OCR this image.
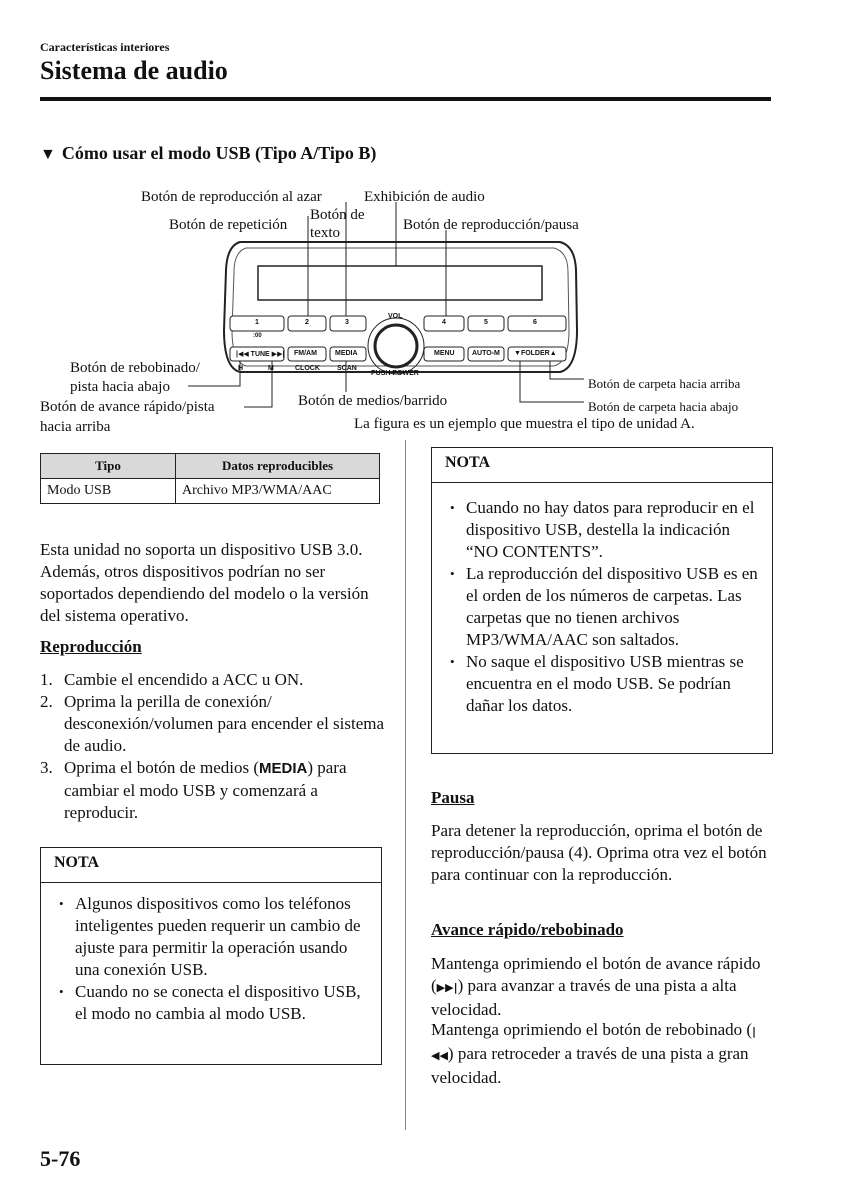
Características interiores
Sistema de audio
▼ Cómo usar el modo USB (Tipo A/Tipo B)
1
:00
2	3	4	5	6
VOL
|◀◀ TUNE ▶▶| FM/AM	MEDIA	MENU AUTO-M ▼FOLDER▲
H	M	CLOCK SCAN
PUSH POWER
Botón de reproducción al azar	Exhibición de audio
Botón de repetición
Botón de
texto	Botón de reproducción/pausa
Botón de rebobinado/
pista hacia abajo
Botón de avance rápido/pista
hacia arriba
Botón de medios/barrido
Botón de carpeta hacia arriba
Botón de carpeta hacia abajo
La figura es un ejemplo que muestra el tipo de unidad A.
Tipo	Datos reproducibles
Modo USB	Archivo MP3/WMA/AAC
Esta unidad no soporta un dispositivo USB 3.0. Además, otros dispositivos podrían no ser soportados dependiendo del modelo o la versión del sistema operativo.
Reproducción
1. Cambie el encendido a ACC u ON.
2. Oprima la perilla de conexión/ desconexión/volumen para encender el sistema de audio.
3. Oprima el botón de medios (MEDIA) para cambiar el modo USB y comenzará a reproducir.
NOTA
• Algunos dispositivos como los teléfonos inteligentes pueden requerir un cambio de ajuste para permitir la operación usando una conexión USB.
• Cuando no se conecta el dispositivo USB, el modo no cambia al modo USB.
NOTA
• Cuando no hay datos para reproducir en el dispositivo USB, destella la indicación “NO CONTENTS”.
• La reproducción del dispositivo USB es en el orden de los números de carpetas. Las carpetas que no tienen archivos MP3/WMA/AAC son saltados.
• No saque el dispositivo USB mientras se encuentra en el modo USB. Se podrían dañar los datos.
Pausa
Para detener la reproducción, oprima el botón de reproducción/pausa (4). Oprima otra vez el botón para continuar con la reproducción.
Avance rápido/rebobinado
Mantenga oprimiendo el botón de avance rápido (▶▶|) para avanzar a través de una pista a alta velocidad.
Mantenga oprimiendo el botón de rebobinado (|◀◀) para retroceder a través de una pista a gran velocidad.
5-76
